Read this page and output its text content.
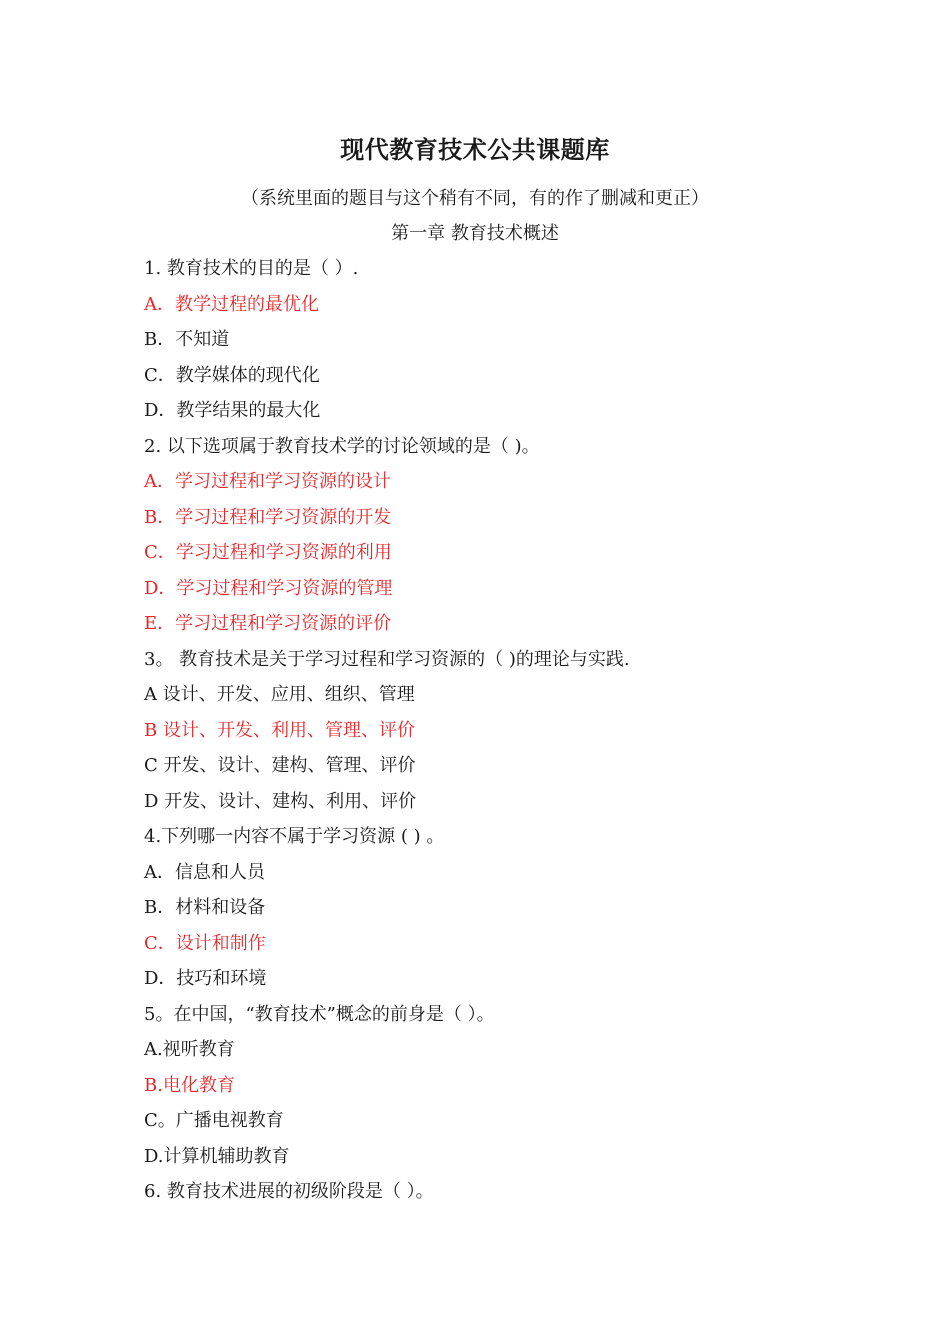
现代教育技术公共课题库
（系统里面的题目与这个稍有不同，有的作了删减和更正）
第一章 教育技术概述
1. 教育技术的目的是（ ）.
A．教学过程的最优化
B．不知道
C．教学媒体的现代化
D．教学结果的最大化
2. 以下选项属于教育技术学的讨论领域的是（ )。
A．学习过程和学习资源的设计
B．学习过程和学习资源的开发
C．学习过程和学习资源的利用
D．学习过程和学习资源的管理
E．学习过程和学习资源的评价
3。 教育技术是关于学习过程和学习资源的（ )的理论与实践.
A 设计、开发、应用、组织、管理
B 设计、开发、利用、管理、评价
C 开发、设计、建构、管理、评价
D 开发、设计、建构、利用、评价
4.下列哪一内容不属于学习资源 ( ) 。
A．信息和人员
B．材料和设备
C．设计和制作
D．技巧和环境
5。在中国，“教育技术”概念的前身是（ ）。
A.视听教育
B.电化教育
C。广播电视教育
D.计算机辅助教育
6. 教育技术进展的初级阶段是（ ）。
